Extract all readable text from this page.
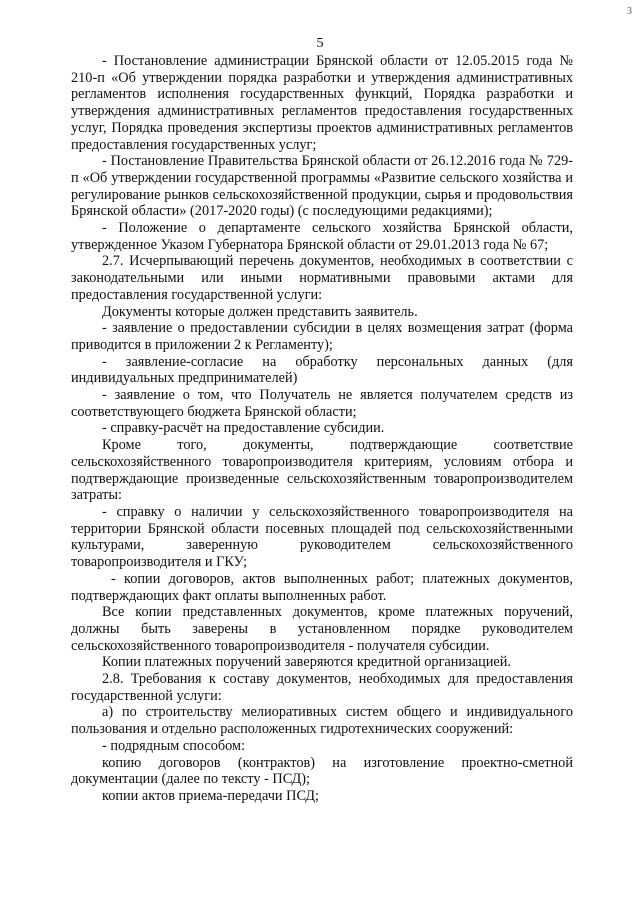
3
5

- Постановление администрации Брянской области от 12.05.2015 года № 210-п «Об утверждении порядка разработки и утверждения административных регламентов исполнения государственных функций, Порядка разработки и утверждения административных регламентов предоставления государственных услуг, Порядка проведения экспертизы проектов административных регламентов предоставления государственных услуг;

- Постановление Правительства Брянской области от 26.12.2016 года № 729-п «Об утверждении государственной программы «Развитие сельского хозяйства и регулирование рынков сельскохозяйственной продукции, сырья и продовольствия Брянской области» (2017-2020 годы) (с последующими редакциями);

- Положение о департаменте сельского хозяйства Брянской области, утвержденное Указом Губернатора Брянской области от 29.01.2013 года № 67;

2.7. Исчерпывающий перечень документов, необходимых в соответствии с законодательными или иными нормативными правовыми актами для предоставления государственной услуги:

Документы которые должен представить заявитель.

- заявление о предоставлении субсидии в целях возмещения затрат (форма приводится в приложении 2 к Регламенту);

- заявление-согласие на обработку персональных данных (для индивидуальных предпринимателей)

- заявление о том, что Получатель не является получателем средств из соответствующего бюджета Брянской области;

- справку-расчёт на предоставление субсидии.

Кроме того, документы, подтверждающие соответствие сельскохозяйственного товаропроизводителя критериям, условиям отбора и подтверждающие произведенные сельскохозяйственным товаропроизводителем затраты:

- справку о наличии у сельскохозяйственного товаропроизводителя на территории Брянской области посевных площадей под сельскохозяйственными культурами, заверенную руководителем сельскохозяйственного товаропроизводителя и ГКУ;

- копии договоров, актов выполненных работ; платежных документов, подтверждающих факт оплаты выполненных работ.

Все копии представленных документов, кроме платежных поручений, должны быть заверены в установленном порядке руководителем сельскохозяйственного товаропроизводителя - получателя субсидии.

Копии платежных поручений заверяются кредитной организацией.

2.8. Требования к составу документов, необходимых для предоставления государственной услуги:

а) по строительству мелиоративных систем общего и индивидуального пользования и отдельно расположенных гидротехнических сооружений:

- подрядным способом:

копию договоров (контрактов) на изготовление проектно-сметной документации (далее по тексту - ПСД);

копии актов приема-передачи ПСД;
